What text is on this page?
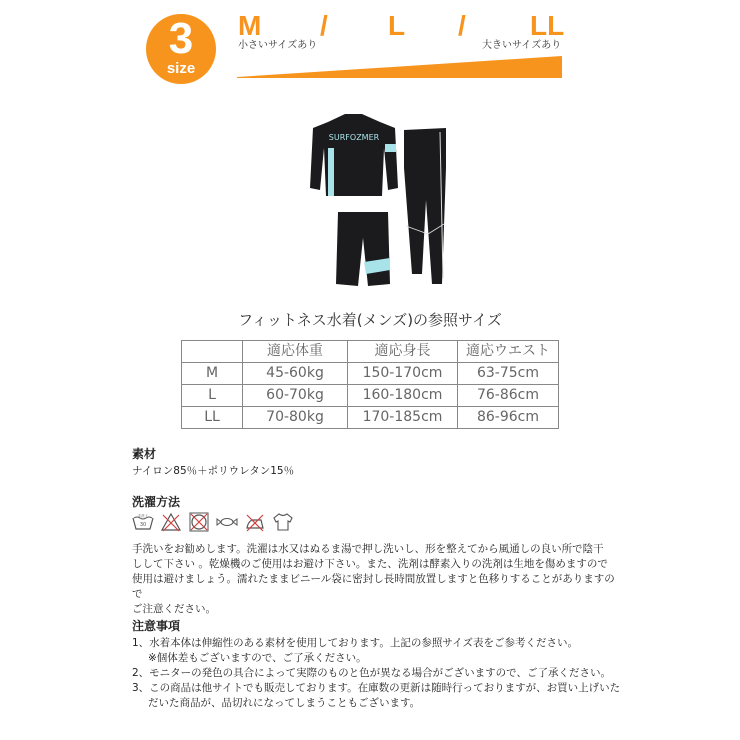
3
size
M / L / LL
小さいサイズあり	大きいサイズあり
SURFOZMER
フィットネス水着(メンズ)の参照サイズ
	適応体重	適応身長	適応ウエスト
M	45-60kg	150-170cm	63-75cm
L	60-70kg	160-180cm	76-86cm
LL	70-80kg	170-185cm	86-96cm
素材
ナイロン85％＋ポリウレタン15％
洗濯方法
手洗イ
30
手洗いをお勧めします。洗濯は水又はぬるま湯で押し洗いし、形を整えてから風通しの良い所で陰干
しして下さい 。乾燥機のご使用はお避け下さい。また、洗剤は酵素入りの洗剤は生地を傷めますので
使用は避けましょう。濡れたままビニール袋に密封し長時間放置しますと色移りすることがありますので
ご注意ください。
注意事項
1、水着本体は伸縮性のある素材を使用しております。上記の参照サイズ表をご参考ください。
※個体差もございますので、ご了承ください。
2、モニターの発色の具合によって実際のものと色が異なる場合がございますので、ご了承ください。
3、この商品は他サイトでも販売しております。在庫数の更新は随時行っておりますが、お買い上げいた
だいた商品が、品切れになってしまうこともございます。
